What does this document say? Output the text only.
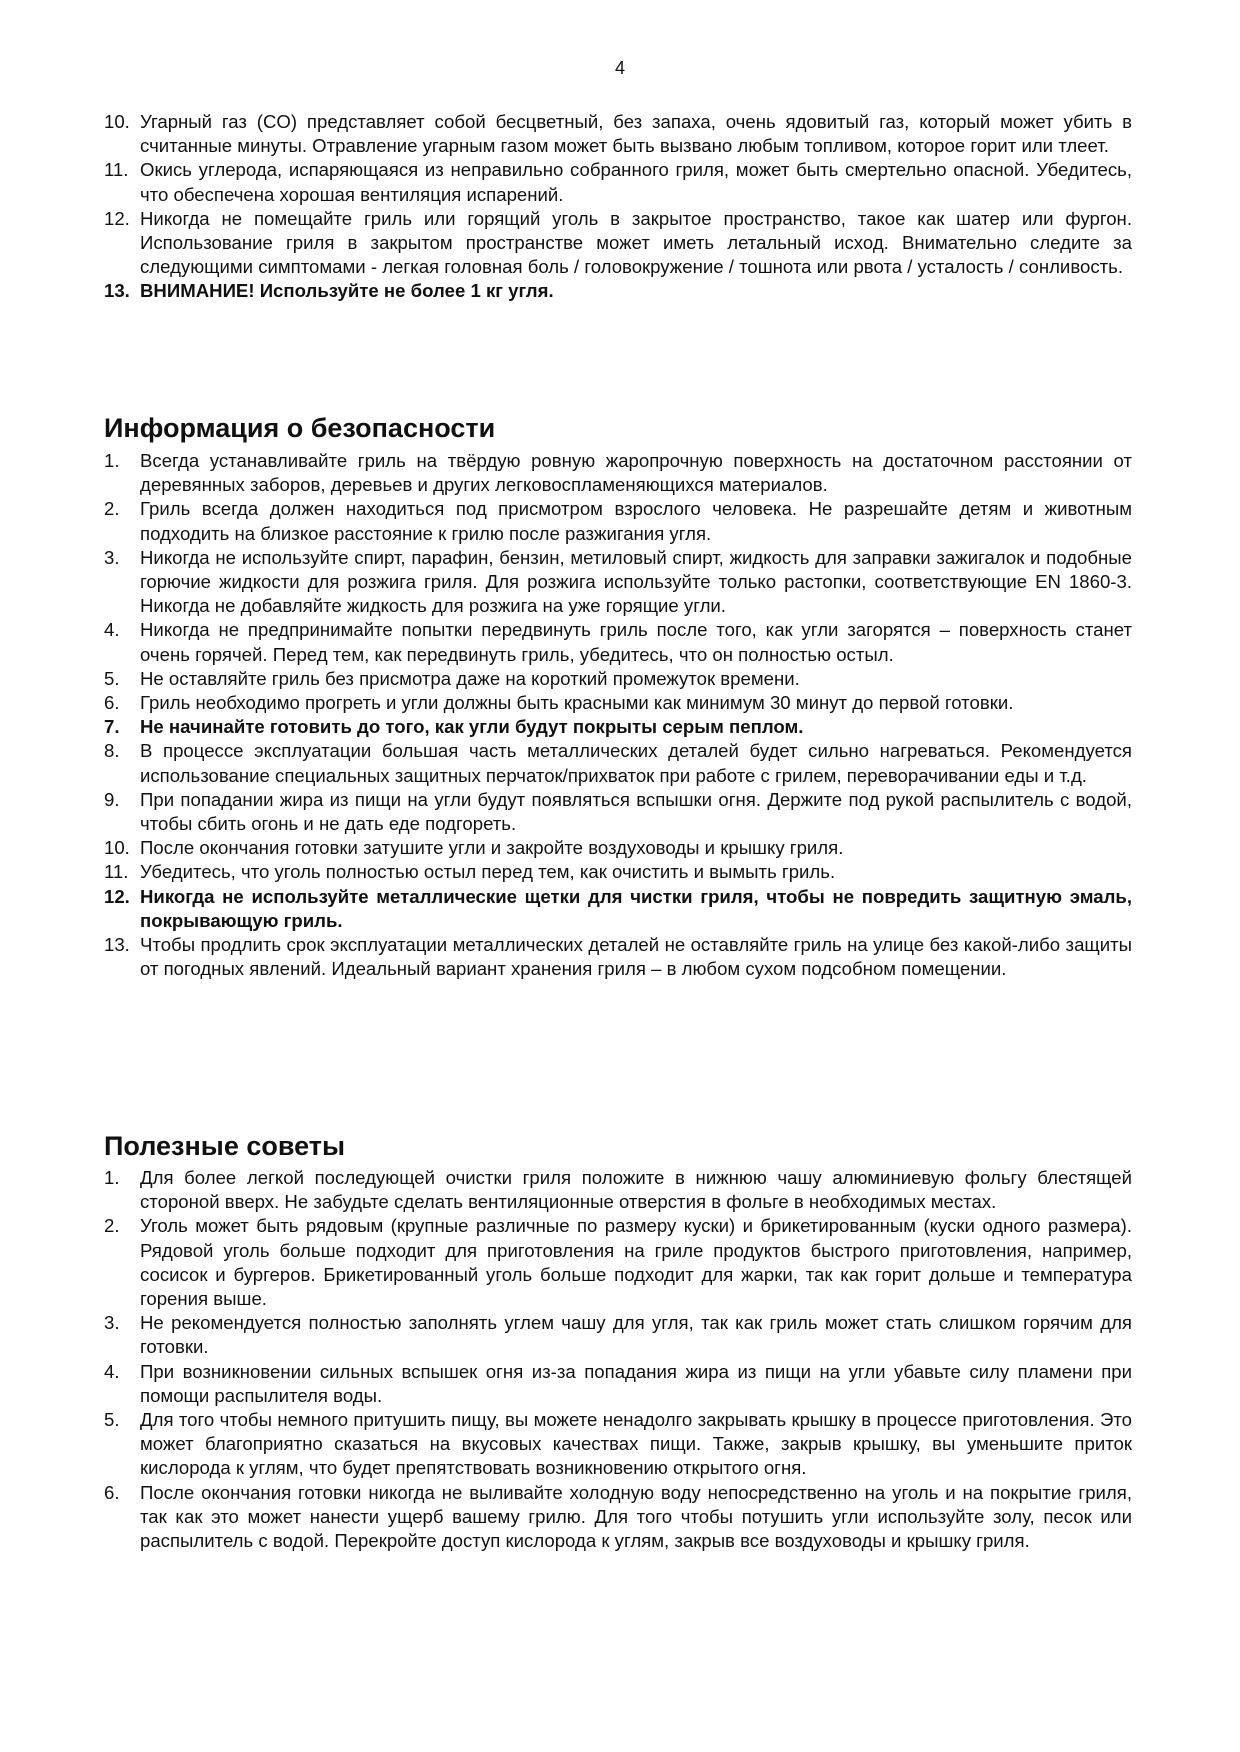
4
10. Угарный газ (CO) представляет собой бесцветный, без запаха, очень ядовитый газ, который может убить в считанные минуты. Отравление угарным газом может быть вызвано любым топливом, которое горит или тлеет.
11. Окись углерода, испаряющаяся из неправильно собранного гриля, может быть смертельно опасной. Убедитесь, что обеспечена хорошая вентиляция испарений.
12. Никогда не помещайте гриль или горящий уголь в закрытое пространство, такое как шатер или фургон. Использование гриля в закрытом пространстве может иметь летальный исход. Внимательно следите за следующими симптомами - легкая головная боль / головокружение / тошнота или рвота / усталость / сонливость.
13. ВНИМАНИЕ! Используйте не более 1 кг угля.
Информация о безопасности
1.	Всегда устанавливайте гриль на твёрдую ровную жаропрочную поверхность на достаточном расстоянии от деревянных заборов, деревьев и других легковоспламеняющихся материалов.
2.	Гриль всегда должен находиться под присмотром взрослого человека. Не разрешайте детям и животным подходить на близкое расстояние к грилю после разжигания угля.
3.	Никогда не используйте спирт, парафин, бензин, метиловый спирт, жидкость для заправки зажигалок и подобные горючие жидкости для розжига гриля. Для розжига используйте только растопки, соответствующие EN 1860-3. Никогда не добавляйте жидкость для розжига на уже горящие угли.
4.	Никогда не предпринимайте попытки передвинуть гриль после того, как угли загорятся – поверхность станет очень горячей. Перед тем, как передвинуть гриль, убедитесь, что он полностью остыл.
5.	Не оставляйте гриль без присмотра даже на короткий промежуток времени.
6.	Гриль необходимо прогреть и угли должны быть красными как минимум 30 минут до первой готовки.
7.	Не начинайте готовить до того, как угли будут покрыты серым пеплом.
8.	В процессе эксплуатации большая часть металлических деталей будет сильно нагреваться. Рекомендуется использование специальных защитных перчаток/прихваток при работе с грилем, переворачивании еды и т.д.
9.	При попадании жира из пищи на угли будут появляться вспышки огня. Держите под рукой распылитель с водой, чтобы сбить огонь и не дать еде подгореть.
10. После окончания готовки затушите угли и закройте воздуховоды и крышку гриля.
11. Убедитесь, что уголь полностью остыл перед тем, как очистить и вымыть гриль.
12. Никогда не используйте металлические щетки для чистки гриля, чтобы не повредить защитную эмаль, покрывающую гриль.
13. Чтобы продлить срок эксплуатации металлических деталей не оставляйте гриль на улице без какой-либо защиты от погодных явлений. Идеальный вариант хранения гриля – в любом сухом подсобном помещении.
Полезные советы
1.	Для более легкой последующей очистки гриля положите в нижнюю чашу алюминиевую фольгу блестящей стороной вверх. Не забудьте сделать вентиляционные отверстия в фольге в необходимых местах.
2.	Уголь может быть рядовым (крупные различные по размеру куски) и брикетированным (куски одного размера). Рядовой уголь больше подходит для приготовления на гриле продуктов быстрого приготовления, например, сосисок и бургеров. Брикетированный уголь больше подходит для жарки, так как горит дольше и температура горения выше.
3.	Не рекомендуется полностью заполнять углем чашу для угля, так как гриль может стать слишком горячим для готовки.
4.	При возникновении сильных вспышек огня из-за попадания жира из пищи на угли убавьте силу пламени при помощи распылителя воды.
5.	Для того чтобы немного притушить пищу, вы можете ненадолго закрывать крышку в процессе приготовления. Это может благоприятно сказаться на вкусовых качествах пищи. Также, закрыв крышку, вы уменьшите приток кислорода к углям, что будет препятствовать возникновению открытого огня.
6.	После окончания готовки никогда не выливайте холодную воду непосредственно на уголь и на покрытие гриля, так как это может нанести ущерб вашему грилю. Для того чтобы потушить угли используйте золу, песок или распылитель с водой. Перекройте доступ кислорода к углям, закрыв все воздуховоды и крышку гриля.
